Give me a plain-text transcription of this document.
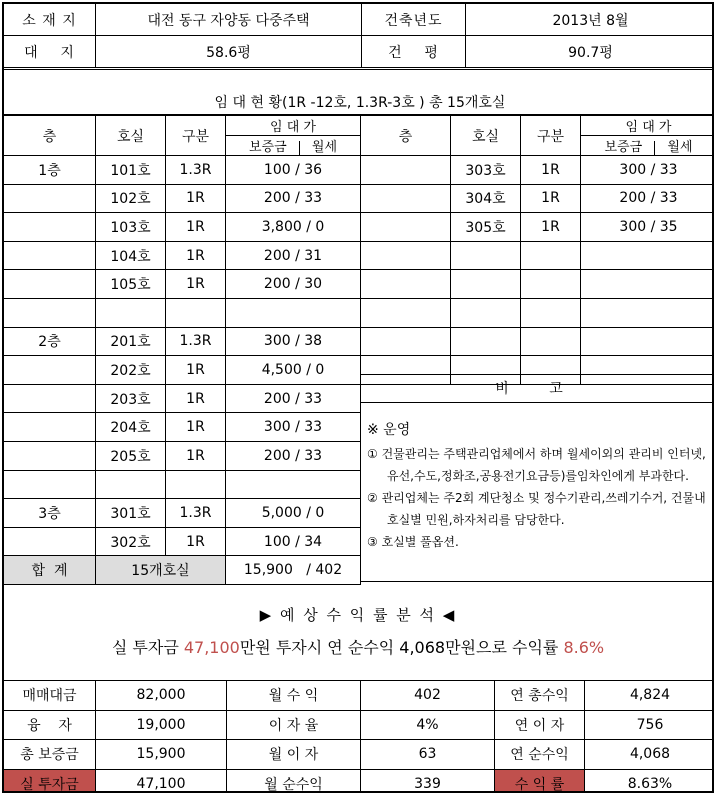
소 재 지	대전 동구 자양동 다중주택	건축년도	2013년 8월
대    지	58.6평	건    평	90.7평
임 대 현 황(1R -12호, 1.3R-3호 ) 총 15개호실
층	호실	구분	임 대 가
			보증금 월세
1층	101호	1.3R	100 / 36
	102호	1R	200 / 33
	103호	1R	3,800 / 0
	104호	1R	200 / 31
	105호	1R	200 / 30

2층	201호	1.3R	300 / 38
	202호	1R	4,500 / 0
	203호	1R	200 / 33
	204호	1R	300 / 33
	205호	1R	200 / 33

3층	301호	1.3R	5,000 / 0
	302호	1R	100 / 34
합  계	15개호실		15,900   / 402
층	호실	구분	임 대 가
			보증금 월세
	303호	1R	300 / 33
	304호	1R	200 / 33
	305호	1R	300 / 35

비 고
※ 운영
① 건물관리는 주택관리업체에서 하며 월세이외의 관리비 인터넷,유선,수도,정화조,공용전기요금등)를임차인에게 부과한다.
② 관리업체는 주2회 계단청소 및 정수기관리,쓰레기수거, 건물내 호실별 민원,하자처리를 담당한다.
③ 호실별 풀옵션.
▶ 예 상 수 익 률 분 석 ◀
실 투자금 47,100만원 투자시 연 순수익 4,068만원으로 수익률 8.6%
매매대금	82,000	월 수 익	402	연 총수익	4,824
융    자	19,000	이 자 율	4%	연 이 자	756
총 보증금	15,900	월 이 자	63	연 순수익	4,068
실 투자금	47,100	월 순수익	339	수 익 률	8.63%
